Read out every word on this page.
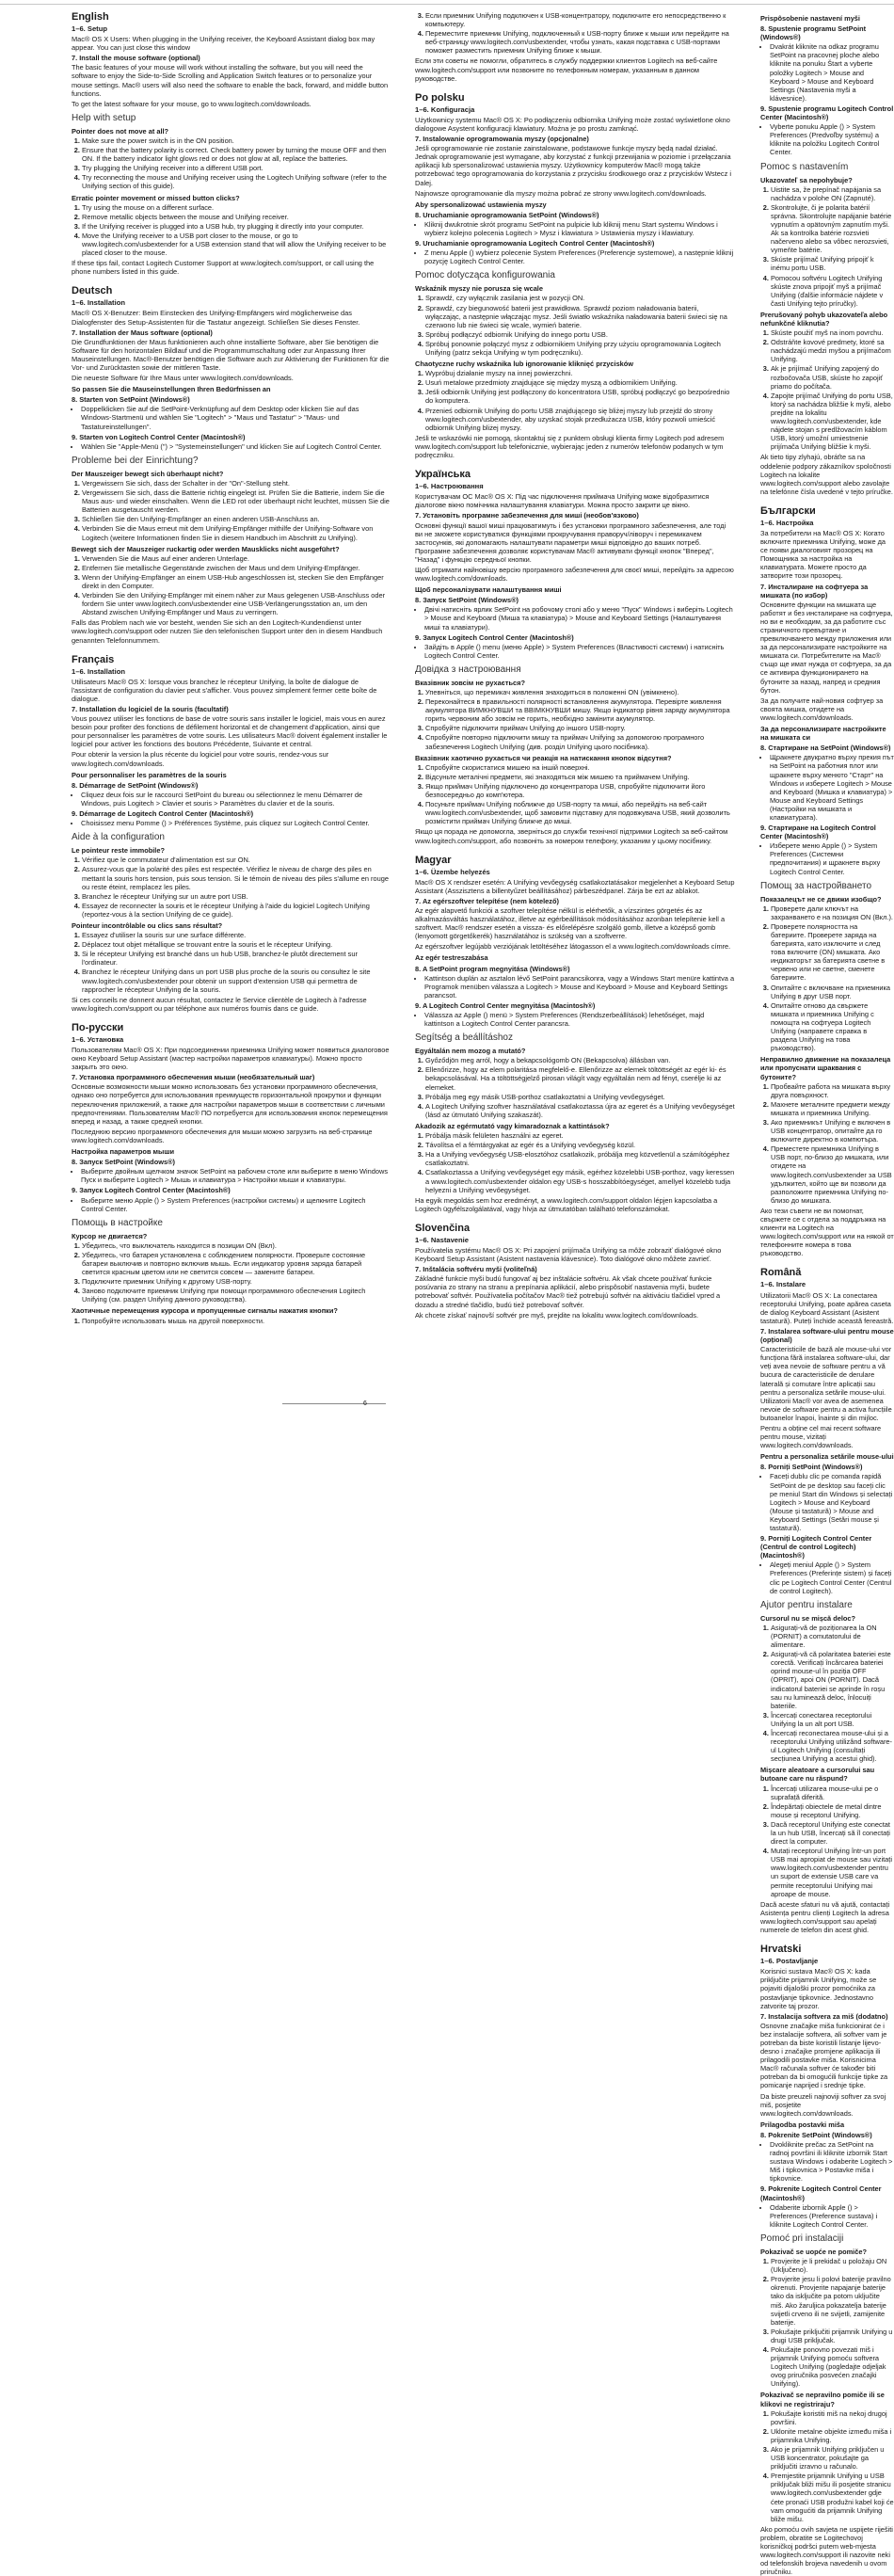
English
1–6. Setup
Mac® OS X Users: When plugging in the Unifying receiver, the Keyboard Assistant dialog box may appear. You can just close this window
7. Install the mouse software (optional)
The basic features of your mouse will work without installing the software, but you will need the software to enjoy the Side-to-Side Scrolling and Application Switch features or to personalize your mouse settings. Mac® users will also need the software to enable the back, forward, and middle button functions.
To get the latest software for your mouse, go to www.logitech.com/downloads.
Help with setup
Pointer does not move at all?
1. Make sure the power switch is in the ON position.
2. Ensure that the battery polarity is correct. Check battery power by turning the mouse OFF and then ON. If the battery indicator light glows red or does not glow at all, replace the batteries.
3. Try plugging the Unifying receiver into a different USB port.
4. Try reconnecting the mouse and Unifying receiver using the Logitech Unifying software (refer to the Unifying section of this guide).
Erratic pointer movement or missed button clicks?
1. Try using the mouse on a different surface.
2. Remove metallic objects between the mouse and Unifying receiver.
3. If the Unifying receiver is plugged into a USB hub, try plugging it directly into your computer.
4. Move the Unifying receiver to a USB port closer to the mouse, or go to www.logitech.com/usbextender for a USB extension stand that will allow the Unifying receiver to be placed closer to the mouse.
If these tips fail, contact Logitech Customer Support at www.logitech.com/support, or call using the phone numbers listed in this guide.
Deutsch
1–6. Installation
Mac® OS X-Benutzer: Beim Einstecken des Unifying-Empfängers wird möglicherweise das Dialogfenster des Setup-Assistenten für die Tastatur angezeigt. Schließen Sie dieses Fenster.
7. Installation der Maus software (optional)
Die Grundfunktionen der Maus funktionieren auch ohne installierte Software, aber Sie benötigen die Software für den horizontalen Bildlauf und die Programmumschaltung oder zur Anpassung Ihrer Mauseinstellungen. Mac®-Benutzer benötigen die Software auch zur Aktivierung der Funktionen für die Vor- und Zurücktasten sowie der mittleren Taste.
Die neueste Software für Ihre Maus unter www.logitech.com/downloads.
So passen Sie die Mauseinstellungen Ihren Bedürfnissen an
8. Starten von SetPoint (Windows®)
• Doppelklicken Sie auf die SetPoint-Verknüpfung auf dem Desktop oder klicken Sie auf das Windows-Startmenü und wählen Sie "Logitech" > "Maus und Tastatur" > "Maus- und Tastatureinstellungen".
9. Starten von Logitech Control Center (Macintosh®)
• Wählen Sie "Apple-Menü (") > "Systemeinstellungen" und klicken Sie auf Logitech Control Center.
Probleme bei der Einrichtung?
Der Mauszeiger bewegt sich überhaupt nicht?
1. Vergewissern Sie sich, dass der Schalter in der "On"-Stellung steht.
2. Vergewissern Sie sich, dass die Batterie richtig eingelegt ist. Prüfen Sie die Batterie, indem Sie die Maus aus- und wieder einschalten. Wenn die LED rot oder überhaupt nicht leuchtet, müssen Sie die Batterien ausgetauscht werden.
3. Schließen Sie den Unifying-Empfänger an einen anderen USB-Anschluss an.
4. Verbinden Sie die Maus erneut mit dem Unifying-Empfänger mithilfe der Unifying-Software von Logitech (weitere Informationen finden Sie in diesem Handbuch im Abschnitt zu Unifying).
Bewegt sich der Mauszeiger ruckartig oder werden Mausklicks nicht ausgeführt?
1. Verwenden Sie die Maus auf einer anderen Unterlage.
2. Entfernen Sie metallische Gegenstände zwischen der Maus und dem Unifying-Empfänger.
3. Wenn der Unifying-Empfänger an einem USB-Hub angeschlossen ist, stecken Sie den Empfänger direkt in den Computer.
4. Verbinden Sie den Unifying-Empfänger mit einem näher zur Maus gelegenen USB-Anschluss oder fordern Sie unter www.logitech.com/usbextender eine USB-Verlängerungsstation an, um den Abstand zwischen Unifying-Empfänger und Maus zu verringern.
Falls das Problem nach wie vor besteht, wenden Sie sich an den Logitech-Kundendienst unter www.logitech.com/support oder nutzen Sie den telefonischen Support unter den in diesem Handbuch genannten Telefonnummern.
Français
1–6. Installation
Utilisateurs Mac® OS X: lorsque vous branchez le récepteur Unifying, la boîte de dialogue de l'assistant de configuration du clavier peut s'afficher. Vous pouvez simplement fermer cette boîte de dialogue.
7. Installation du logiciel de la souris (facultatif)
Vous pouvez utiliser les fonctions de base de votre souris sans installer le logiciel, mais vous en aurez besoin pour profiter des fonctions de défilement horizontal et de changement d'application, ainsi que pour personnaliser les paramètres de votre souris. Les utilisateurs Mac® doivent également installer le logiciel pour activer les fonctions des boutons Précédente, Suivante et central.
Pour obtenir la version la plus récente du logiciel pour votre souris, rendez-vous sur www.logitech.com/downloads.
Pour personnaliser les paramètres de la souris
8. Démarrage de SetPoint (Windows®)
• Cliquez deux fois sur le raccourci SetPoint du bureau ou sélectionnez le menu Démarrer de Windows, puis Logitech > Clavier et souris > Paramètres du clavier et de la souris.
9. Démarrage de Logitech Control Center (Macintosh®)
• Choisissez menu Pomme () > Préférences Système, puis cliquez sur Logitech Control Center.
Aide à la configuration
Le pointeur reste immobile?
1. Vérifiez que le commutateur d'alimentation est sur ON.
2. Assurez-vous que la polarité des piles est respectée. Vérifiez le niveau de charge des piles en mettant la souris hors tension, puis sous tension. Si le témoin de niveau des piles s'allume en rouge ou reste éteint, remplacez les piles.
3. Branchez le récepteur Unifying sur un autre port USB.
4. Essayez de reconnecter la souris et le récepteur Unifying à l'aide du logiciel Logitech Unifying (reportez-vous à la section Unifying de ce guide).
Pointeur incontrôlable ou clics sans résultat?
1. Essayez d'utiliser la souris sur une surface différente.
2. Déplacez tout objet métallique se trouvant entre la souris et le récepteur Unifying.
3. Si le récepteur Unifying est branché dans un hub USB, branchez-le plutôt directement sur l'ordinateur.
4. Branchez le récepteur Unifying dans un port USB plus proche de la souris ou consultez le site www.logitech.com/usbextender pour obtenir un support d'extension USB qui permettra de rapprocher le récepteur Unifying de la souris.
Si ces conseils ne donnent aucun résultat, contactez le Service clientèle de Logitech à l'adresse www.logitech.com/support ou par téléphone aux numéros fournis dans ce guide.
По-русски
1–6. Установка
Пользователям Mac® OS X: При подсоединении приемника Unifying может появиться диалоговое окно Keyboard Setup Assistant (мастер настройки параметров клавиатуры). Можно просто закрыть это окно.
7. Установка программного обеспечения мыши (необязательный шаг)
Основные возможности мыши можно использовать без установки программного обеспечения, однако оно потребуется для использования преимуществ горизонтальной прокрутки и функции переключения приложений, а также для настройки параметров мыши в соответствии с личными предпочтениями. Пользователям Mac® ПО потребуется для использования кнопок перемещения вперед и назад, а также средней кнопки.
Последнюю версию программного обеспечения для мыши можно загрузить на веб-странице www.logitech.com/downloads.
Настройка параметров мыши
8. Запуск SetPoint (Windows®)
• Выберите двойным щелчком значок SetPoint на рабочем столе или выберите в меню Windows Пуск и выберите Logitech > Мышь и клавиатура > Настройки мыши и клавиатуры.
9. Запуск Logitech Control Center (Macintosh®)
• Выберите меню Apple () > System Preferences (настройки системы) и щелкните Logitech Control Center.
Помощь в настройке
Курсор не двигается?
1. Убедитесь, что выключатель находится в позиции ON (Вкл).
2. Убедитесь, что батарея установлена с соблюдением полярности. Проверьте состояние батареи выключив и повторно включив мышь. Если индикатор уровня заряда батарей светится красным цветом или не светится совсем — замените батареи.
3. Подключите приемник Unifying к другому USB-порту.
4. Заново подключите приемник Unifying при помощи программного обеспечения Logitech Unifying (см. раздел Unifying данного руководства).
Хаотичные перемещения курсора и пропущенные сигналы нажатия кнопки?
1. Попробуйте использовать мышь на другой поверхности.
3. Если приемник Unifying подключен к USB-концентратору, подключите его непосредственно к компьютеру.
4. Переместите приемник Unifying, подключенный к USB-порту ближе к мыши или перейдите на веб-страницу www.logitech.com/usbextender, чтобы узнать, какая подставка с USB-портами поможет разместить приемник Unifying ближе к мыши.
Если эти советы не помогли, обратитесь в службу поддержки клиентов Logitech на веб-сайте www.logitech.com/support или позвоните по телефонным номерам, указанным в данном руководстве.
Po polsku
1–6. Konfiguracja
Użytkownicy systemu Mac® OS X: Po podłączeniu odbiornika Unifying może zostać wyświetlone okno dialogowe Asystent konfiguracji klawiatury. Można je po prostu zamknąć.
7. Instalowanie oprogramowania myszy (opcjonalne)
Jeśli oprogramowanie nie zostanie zainstalowane, podstawowe funkcje myszy będą nadal działać. Jednak oprogramowanie jest wymagane, aby korzystać z funkcji przewijania w poziomie i przełączania aplikacji lub spersonalizować ustawienia myszy. Użytkownicy komputerów Mac® mogą także potrzebować tego oprogramowania do korzystania z przycisku środkowego oraz z przycisków Wstecz i Dalej.
Najnowsze oprogramowanie dla myszy można pobrać ze strony www.logitech.com/downloads.
Aby spersonalizować ustawienia myszy
8. Uruchamianie oprogramowania SetPoint (Windows®)
• Kliknij dwukrotnie skrót programu SetPoint na pulpicie lub kliknij menu Start systemu Windows i wybierz kolejno polecenia Logitech > Mysz i klawiatura > Ustawienia myszy i klawiatury.
9. Uruchamianie oprogramowania Logitech Control Center (Macintosh®)
• Z menu Apple () wybierz polecenie System Preferences (Preferencje systemowe), a następnie kliknij pozycję Logitech Control Center.
Pomoc dotycząca konfigurowania
Wskaźnik myszy nie porusza się wcale
1. Sprawdź, czy wyłącznik zasilania jest w pozycji ON.
2. Sprawdź, czy biegunowość baterii jest prawidłowa. Sprawdź poziom naładowania baterii, wyłączając, a następnie włączając mysz. Jeśli światło wskaźnika naładowania baterii świeci się na czerwono lub nie świeci się wcale, wymień baterie.
3. Spróbuj podłączyć odbiornik Unifying do innego portu USB.
4. Spróbuj ponownie połączyć mysz z odbiornikiem Unifying przy użyciu oprogramowania Logitech Unifying (patrz sekcja Unifying w tym podręczniku).
Chaotyczne ruchy wskaźnika lub ignorowanie kliknięć przycisków
1. Wypróbuj działanie myszy na innej powierzchni.
2. Usuń metalowe przedmioty znajdujące się między myszą a odbiornikiem Unifying.
3. Jeśli odbiornik Unifying jest podłączony do koncentratora USB, spróbuj podłączyć go bezpośrednio do komputera.
4. Przenieś odbiornik Unifying do portu USB znajdującego się bliżej myszy lub przejdź do strony www.logitech.com/usbextender, aby uzyskać stojak przedłużacza USB, który pozwoli umieścić odbiornik Unifying bliżej myszy.
Jeśli te wskazówki nie pomogą, skontaktuj się z punktem obsługi klienta firmy Logitech pod adresem www.logitech.com/support lub telefonicznie, wybierając jeden z numerów telefonów podanych w tym podręczniku.
Українська
1–6. Настроювання
Користувачам ОС Mac® OS X: Під час підключення приймача Unifying може відобразитися діалогове вікно помічника налаштування клавіатури. Можна просто закрити це вікно.
7. Установіть програмне забезпечення для миші (необов'язково)
Основні функції вашої миші працюватимуть і без установки програмного забезпечення, але тоді ви не зможете користуватися функціями прокручування праворуч/ліворуч і перемикачем застосунків, які допомагають налаштувати параметри миші відповідно до ваших потреб. Програмне забезпечення дозволяє користувачам Mac® активувати функції кнопок "Вперед", "Назад" і функцію середньої кнопки.
Щоб отримати найновішу версію програмного забезпечення для своєї миші, перейдіть за адресою www.logitech.com/downloads.
Щоб персоналізувати налаштування миші
8. Запуск SetPoint (Windows®)
• Двічі натисніть ярлик SetPoint на робочому столі або у меню "Пуск" Windows і виберіть Logitech > Mouse and Keyboard (Миша та клавіатура) > Mouse and Keyboard Settings (Налаштування миші та клавіатури).
9. Запуск Logitech Control Center (Macintosh®)
• Зайдіть в Apple () menu (меню Apple) > System Preferences (Властивості системи) і натисніть Logitech Control Center.
Довідка з настроювання
Вказівник зовсім не рухається?
1. Упевніться, що перемикач живлення знаходиться в положенні ON (увімкнено).
2. Переконайтеся в правильності полярності встановлення акумулятора. Перевірте живлення акумулятора ВИМКНУВШИ та ВВІМКНУВШИ мишу. Якщо індикатор рівня заряду акумулятора горить червоним або зовсім не горить, необхідно замінити акумулятор.
3. Спробуйте підключити приймач Unifying до іншого USB-порту.
4. Спробуйте повторно підключити мишу та приймач Unifying за допомогою програмного забезпечення Logitech Unifying (див. розділ Unifying цього посібника).
Вказівник хаотично рухається чи реакція на натискання кнопок відсутня?
1. Спробуйте скористатися мишею на іншій поверхні.
2. Відсуньте металічні предмети, які знаходяться між мишею та приймачем Unifying.
3. Якщо приймач Unifying підключено до концентратора USB, спробуйте підключити його безпосередньо до комп'ютера.
4. Посуньте приймач Unifying поближче до USB-порту та миші, або перейдіть на веб-сайт www.logitech.com/usbextender, щоб замовити підставку для подовжувача USB, який дозволить розмістити приймач Unifying ближче до миші.
Якщо ця порада не допомогла, зверніться до служби технічної підтримки Logitech за веб-сайтом www.logitech.com/support, або позвоніть за номером телефону, указаним у цьому посібнику.
Magyar
1–6. Üzembe helyezés
Mac® OS X rendszer esetén: A Unifying vevőegység csatlakoztatásakor megjelenhet a Keyboard Setup Assistant (Asszisztens a billentyűzet beállításához) párbeszédpanel. Zárja be ezt az ablakot.
7. Az egérszoftver telepítése (nem kötelező)
Az egér alapvető funkciói a szoftver telepítése nélkül is elérhetők, a vízszintes görgetés és az alkalmazásváltás használatához, illetve az egérbeállítások módosításához azonban telepítenie kell a szoftvert. Mac® rendszer esetén a vissza- és előrelépésre szolgáló gomb, illetve a középső gomb (lenyomott görgetőkerék) használatához is szükség van a szoftverre.
Az egérszoftver legújabb verziójának letöltéséhez látogasson el a www.logitech.com/downloads címre.
Az egér testreszabása
8. A SetPoint program megnyitása (Windows®)
• Kattintson duplán az asztalon lévő SetPoint parancsikonra, vagy a Windows Start menüre kattintva a Programok menüben válassza a Logitech > Mouse and Keyboard > Mouse and Keyboard Settings parancsot.
9. A Logitech Control Center megnyitása (Macintosh®)
• Válassza az Apple () menü > System Preferences (Rendszerbeállítások) lehetőséget, majd kattintson a Logitech Control Center parancsra.
Segítség a beállításhoz
Egyáltalán nem mozog a mutató?
1. Győződjön meg arról, hogy a bekapcsológomb ON (Bekapcsolva) állásban van.
2. Ellenőrizze, hogy az elem polaritása megfelelő-e. Ellenőrizze az elemek töltöttségét az egér ki- és bekapcsolásával. Ha a töltöttségjelző pirosan világít vagy egyáltalán nem ad fényt, cserélje ki az elemeket.
3. Próbálja meg egy másik USB-porthoz csatlakoztatni a Unifying vevőegységet.
4. A Logitech Unifying szoftver használatával csatlakoztassa újra az egeret és a Unifying vevőegységet (lásd az útmutató Unifying szakaszát).
Akadozik az egérmutató vagy kimaradoznak a kattintások?
1. Próbálja másik felületen használni az egeret.
2. Távolítsa el a fémtárgyakat az egér és a Unifying vevőegység közül.
3. Ha a Unifying vevőegység USB-elosztóhoz csatlakozik, próbálja meg közvetlenül a számítógéphez csatlakoztatni.
4. Csatlakoztassa a Unifying vevőegységet egy másik, egérhez közelebbi USB-porthoz, vagy keressen a www.logitech.com/usbextender oldalon egy USB-s hosszabbítóegységet, amellyel közelebb tudja helyezni a Unifying vevőegységet.
Ha egyik megoldás sem hoz eredményt, a www.logitech.com/support oldalon lépjen kapcsolatba a Logitech ügyfélszolgálatával, vagy hívja az útmutatóban található telefonszámokat.
Slovenčina
1–6. Nastavenie
Používatelia systému Mac® OS X: Pri zapojení prijímača Unifying sa môže zobraziť dialógové okno Keyboard Setup Assistant (Asistent nastavenia klávesnice). Toto dialógové okno môžete zavrieť.
7. Inštalácia softvéru myši (voliteľná)
Základné funkcie myši budú fungovať aj bez inštalácie softvéru. Ak však chcete používať funkcie posúvania zo strany na stranu a prepínania aplikácií, alebo prispôsobiť nastavenia myši, budete potrebovať softvér. Používatelia počítačov Mac® tiež potrebujú softvér na aktiváciu tlačidiel vpred a dozadu a stredné tlačidlo, budú tiež potrebovať softvér.
Ak chcete získať najnovší softvér pre myš, prejdite na lokalitu www.logitech.com/downloads.
Prispôsobenie nastavení myši
8. Spustenie programu SetPoint (Windows®)
• Dvakrát kliknite na odkaz programu SetPoint na pracovnej ploche alebo kliknite na ponuku Štart a vyberte položky Logitech > Mouse and Keyboard > Mouse and Keyboard Settings (Nastavenia myši a klávesnice).
9. Spustenie programu Logitech Control Center (Macintosh®)
• Vyberte ponuku Apple () > System Preferences (Predvoľby systému) a kliknite na položku Logitech Control Center.
Pomoc s nastavením
Ukazovateľ sa nepohybuje?
1. Uistite sa, že prepínač napájania sa nachádza v polohe ON (Zapnuté).
2. Skontrolujte, či je polarita batérií správna. Skontrolujte napájanie batérie vypnutím a opätovným zapnutím myši. Ak sa kontrolka batérie rozsvieti načerveno alebo sa vôbec nerozsvieti, vymeňte batérie.
3. Skúste prijímač Unifying pripojiť k inému portu USB.
4. Pomocou softvéru Logitech Unifying skúste znova pripojiť myš a prijímač Unifying (ďalšie informácie nájdete v časti Unifying tejto príručky).
Prerušovaný pohyb ukazovateľa alebo nefunkčné kliknutia?
1. Skúste použiť myš na inom povrchu.
2. Odstráňte kovové predmety, ktoré sa nachádzajú medzi myšou a prijímačom Unifying.
3. Ak je prijímač Unifying zapojený do rozbočovača USB, skúste ho zapojiť priamo do počítača.
4. Zapojte prijímač Unifying do portu USB, ktorý sa nachádza bližšie k myši, alebo prejdite na lokalitu www.logitech.com/usbextender, kde nájdete stojan s predlžovacím káblom USB, ktorý umožní umiestnenie prijímača Unifying bližšie k myši.
Ak tieto tipy zlyhajú, obráťte sa na oddelenie podpory zákazníkov spoločnosti Logitech na lokalite www.logitech.com/support alebo zavolajte na telefónne čísla uvedené v tejto príručke.
Български
1–6. Настройка
За потребители на Mac® OS X: Когато включите приемника Unifying, може да се появи диалоговият прозорец на Помощника за настройка на клавиатурата. Можете просто да затворите този прозорец.
7. Инсталиране на софтуера за мишката (по избор)
Основните функции на мишката ще работят и без инсталиране на софтуера, но ви е необходим, за да работите със страничното превъртане и превключването между приложения или за да персонализирате настройките на мишката си. Потребителите на Mac® също ще имат нужда от софтуера, за да се активира функционирането на бутоните за назад, напред и средния бутон.
За да получите най-новия софтуер за своята мишка, отидете на www.logitech.com/downloads.
За да персонализирате настройките на мишката си
8. Стартиране на SetPoint (Windows®)
• Щракнете двукратно върху прекия път на SetPoint на работния плот или щракнете върху менюто "Старт" на Windows и изберете Logitech > Mouse and Keyboard (Мишка и клавиатура) > Mouse and Keyboard Settings (Настройки на мишката и клавиатурата).
9. Стартиране на Logitech Control Center (Macintosh®)
• Изберете меню Apple () > System Preferences (Системни предпочитания) и щракнете върху Logitech Control Center.
Помощ за настройването
Показалецът не се движи изобщо?
1. Проверете дали ключът на захранването е на позиция ON (Вкл.).
2. Проверете полярността на батериите. Проверете заряда на батерията, като изключите и след това включите (ON) мишката. Ако индикаторът за батерията светне в червено или не светне, сменете батериите.
3. Опитайте с включване на приемника Unifying в друг USB порт.
4. Опитайте отново да свържете мишката и приемника Unifying с помощта на софтуера Logitech Unifying (направете справка в раздела Unifying на това ръководство).
Неправилно движение на показалеца или пропуснати щраквания с бутоните?
1. Пробвайте работа на мишката върху друга повърхност.
2. Махнете металните предмети между мишката и приемника Unifying.
3. Ако приемникът Unifying е включен в USB концентратор, опитайте да го включите директно в компютъра.
4. Преместете приемника Unifying в USB порт, по-близо до мишката, или отидете на www.logitech.com/usbextender за USB удължител, който ще ви позволи да разположите приемника Unifying по-близо до мишката.
Ако тези съвети не ви помогнат, свържете се с отдела за поддръжка на клиенти на Logitech на www.logitech.com/support или на някой от телефонните номера в това ръководство.
Română
1–6. Instalare
Utilizatorii Mac® OS X: La conectarea receptorului Unifying, poate apărea caseta de dialog Keyboard Assistant (Asistent tastatură). Puteți închide această fereastră.
7. Instalarea software-ului pentru mouse (opțional)
Caracteristicile de bază ale mouse-ului vor funcționa fără instalarea software-ului, dar veți avea nevoie de software pentru a vă bucura de caracteristicile de derulare laterală și comutare între aplicații sau pentru a personaliza setările mouse-ului. Utilizatorii Mac® vor avea de asemenea nevoie de software pentru a activa funcțiile butoanelor înapoi, înainte și din mijloc.
Pentru a obține cel mai recent software pentru mouse, vizitați www.logitech.com/downloads.
Pentru a personaliza setările mouse-ului
8. Porniți SetPoint (Windows®)
• Faceți dublu clic pe comanda rapidă SetPoint de pe desktop sau faceți clic pe meniul Start din Windows și selectați Logitech > Mouse and Keyboard (Mouse și tastatură) > Mouse and Keyboard Settings (Setări mouse și tastatură).
9. Porniți Logitech Control Center (Centrul de control Logitech) (Macintosh®)
• Alegeți meniul Apple () > System Preferences (Preferințe sistem) și faceți clic pe Logitech Control Center (Centrul de control Logitech).
Ajutor pentru instalare
Cursorul nu se mișcă deloc?
1. Asigurați-vă de poziționarea la ON (PORNIT) a comutatorului de alimentare.
2. Asigurați-vă că polaritatea bateriei este corectă. Verificați încărcarea bateriei oprind mouse-ul în poziția OFF (OPRIT), apoi ON (PORNIT). Dacă indicatorul bateriei se aprinde în roșu sau nu luminează deloc, înlocuiți bateriile.
3. Încercați conectarea receptorului Unifying la un alt port USB.
4. Încercați reconectarea mouse-ului și a receptorului Unifying utilizând software-ul Logitech Unifying (consultați secțiunea Unifying a acestui ghid).
Mișcare aleatoare a cursorului sau butoane care nu răspund?
1. Încercați utilizarea mouse-ului pe o suprafață diferită.
2. Îndepărtați obiectele de metal dintre mouse și receptorul Unifying.
3. Dacă receptorul Unifying este conectat la un hub USB, încercați să îl conectați direct la computer.
4. Mutați receptorul Unifying într-un port USB mai apropiat de mouse sau vizitați www.logitech.com/usbextender pentru un suport de extensie USB care va permite receptorului Unifying mai aproape de mouse.
Dacă aceste sfaturi nu vă ajută, contactați Asistența pentru clienți Logitech la adresa www.logitech.com/support sau apelați numerele de telefon din acest ghid.
Hrvatski
1–6. Postavljanje
Korisnici sustava Mac® OS X: kada priključite prijamnik Unifying, može se pojaviti dijaloški prozor pomoćnika za postavljanje tipkovnice. Jednostavno zatvorite taj prozor.
7. Instalacija softvera za miš (dodatno)
Osnovne značajke miša funkcionirat će i bez instalacije softvera, ali softver vam je potreban da biste koristili listanje lijevo-desno i značajke promjene aplikacija ili prilagodili postavke miša. Korisnicima Mac® računala softver će također biti potreban da bi omogućili funkcije tipke za pomicanje naprijed i srednje tipke.
Da biste preuzeli najnoviji softver za svoj miš, posjetite www.logitech.com/downloads.
Prilagodba postavki miša
8. Pokrenite SetPoint (Windows®)
• Dvokliknite prečac za SetPoint na radnoj površini ili kliknite izbornik Start sustava Windows i odaberite Logitech > Miš i tipkovnica > Postavke miša i tipkovnice.
9. Pokrenite Logitech Control Center (Macintosh®)
• Odaberite izbornik Apple () > Preferences (Preference sustava) i kliknite Logitech Control Center.
Pomoć pri instalaciji
Pokazivač se uopće ne pomiče?
1. Provjerite je li prekidač u položaju ON (Uključeno).
2. Provjerite jesu li polovi baterije pravilno okrenuti. Provjerite napajanje baterije tako da isključite pa potom uključite miš. Ako žaruljica pokazatelja baterije svijetli crveno ili ne svijetli, zamijenite baterije.
3. Pokušajte priključiti prijamnik Unifying u drugi USB priključak.
4. Pokušajte ponovno povezati miš i prijamnik Unifying pomoću softvera Logitech Unifying (pogledajte odjeljak ovog priručnika posvećen značajki Unifying).
Pokazivač se nepravilno pomiče ili se klikovi ne registriraju?
1. Pokušajte koristiti miš na nekoj drugoj površini.
2. Uklonite metalne objekte između miša i prijamnika Unifying.
3. Ako je prijamnik Unifying priključen u USB koncentrator, pokušajte ga priključiti izravno u računalo.
4. Premjestite prijamnik Unifying u USB priključak bliži mišu ili posjetite stranicu www.logitech.com/usbextender gdje ćete pronaći USB produžni kabel koji će vam omogućiti da prijamnik Unifying bliže mišu.
Ako pomoću ovih savjeta ne uspijete riješiti problem, obratite se Logitechovoj korisničkoj podršci putem web-mjesta www.logitech.com/support ili nazovite neki od telefonskih brojeva navedenih u ovom priručniku.
6
